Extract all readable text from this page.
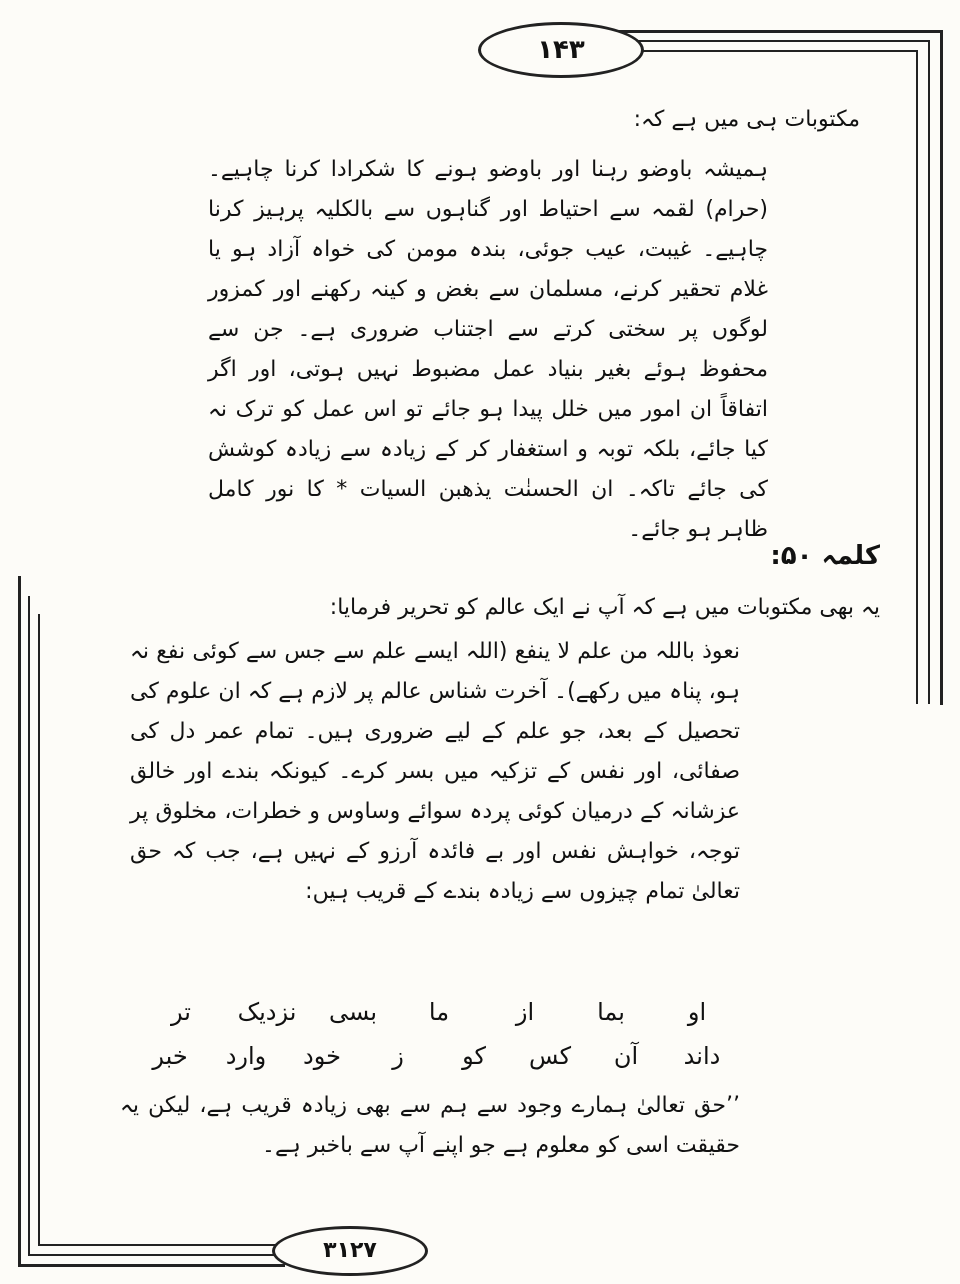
۱۴۳
مکتوبات ہی میں ہے کہ:

ہمیشہ باوضو رہنا اور باوضو ہونے کا شکرادا کرنا چاہیے۔ (حرام) لقمہ سے احتیاط اور گناہوں سے بالکلیہ پرہیز کرنا چاہیے۔ غیبت، عیب جوئی، بندہ مومن کی خواہ آزاد ہو یا غلام تحقیر کرنے، مسلمان سے بغض و کینہ رکھنے اور کمزور لوگوں پر سختی کرتے سے اجتناب ضروری ہے۔ جن سے محفوظ ہوئے بغیر بنیاد عمل مضبوط نہیں ہوتی، اور اگر اتفاقاً ان امور میں خلل پیدا ہو جائے تو اس عمل کو ترک نہ کیا جائے، بلکہ توبہ و استغفار کر کے زیادہ سے زیادہ کوشش کی جائے تاکہ۔ ان الحسنٰت یذھبن السیات * کا نور کامل ظاہر ہو جائے۔

کلمہ ۵۰:
یہ بھی مکتوبات میں ہے کہ آپ نے ایک عالم کو تحریر فرمایا:

نعوذ باللہ من علم لا ینفع (اللہ ایسے علم سے جس سے کوئی نفع نہ ہو، پناہ میں رکھے)۔ آخرت شناس عالم پر لازم ہے کہ ان علوم کی تحصیل کے بعد، جو علم کے لیے ضروری ہیں۔ تمام عمر دل کی صفائی، اور نفس کے تزکیہ میں بسر کرے۔ کیونکہ بندے اور خالق عزشانہ کے درمیان کوئی پردہ سوائے وساوس و خطرات، مخلوق پر توجہ، خواہش نفس اور بے فائدہ آرزو کے نہیں ہے، جب کہ حق تعالیٰ تمام چیزوں سے زیادہ بندے کے قریب ہیں:

اوبماازمابسینزدیکتر
داندآنکسکوزخودواردخبر

’’حق تعالیٰ ہمارے وجود سے ہم سے بھی زیادہ قریب ہے، لیکن یہ حقیقت اسی کو معلوم ہے جو اپنے آپ سے باخبر ہے۔

۳۱۲۷
